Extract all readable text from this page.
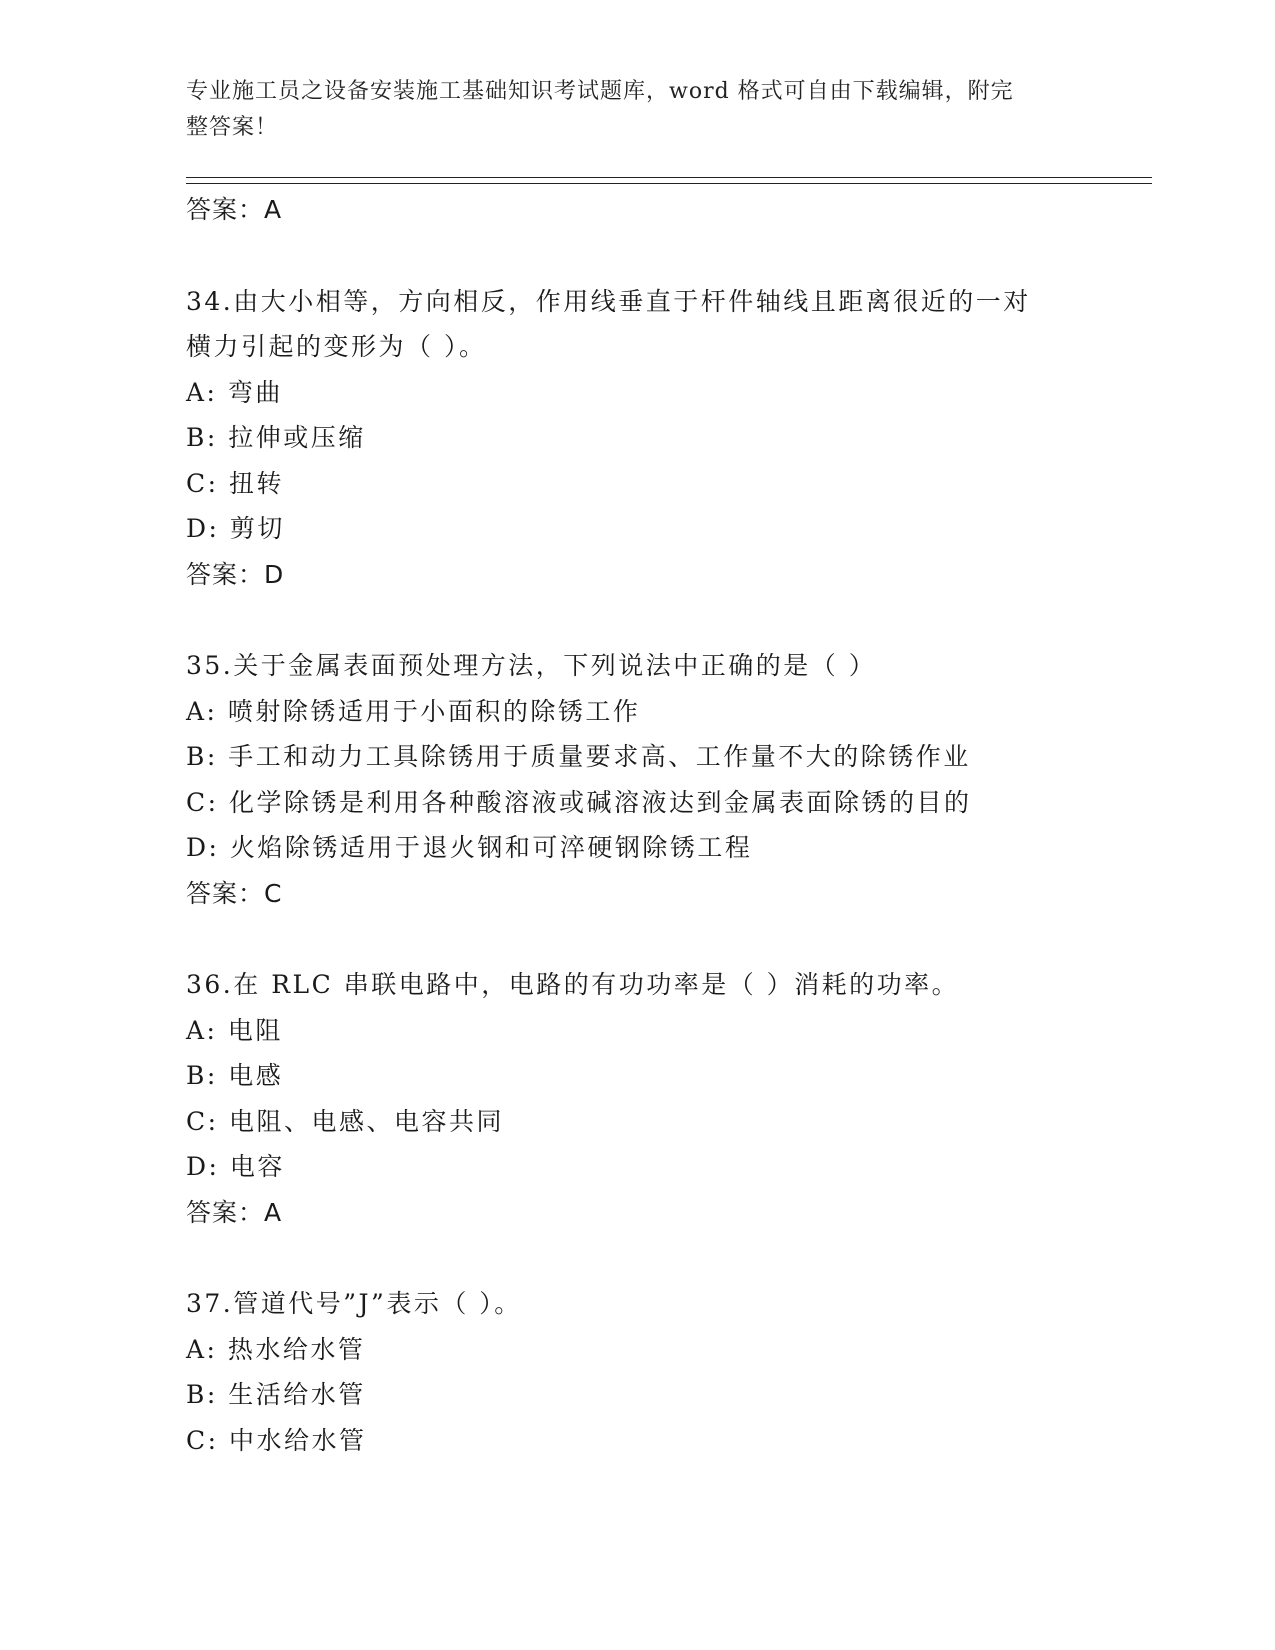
专业施工员之设备安装施工基础知识考试题库，word 格式可自由下载编辑，附完
整答案！
答案：A
34.由大小相等，方向相反，作用线垂直于杆件轴线且距离很近的一对
横力引起的变形为（ ）。
A: 弯曲
B: 拉伸或压缩
C: 扭转
D: 剪切
答案：D
35.关于金属表面预处理方法，下列说法中正确的是（ ）
A: 喷射除锈适用于小面积的除锈工作
B: 手工和动力工具除锈用于质量要求高、工作量不大的除锈作业
C: 化学除锈是利用各种酸溶液或碱溶液达到金属表面除锈的目的
D: 火焰除锈适用于退火钢和可淬硬钢除锈工程
答案：C
36.在 RLC 串联电路中，电路的有功功率是（ ）消耗的功率。
A: 电阻
B: 电感
C: 电阻、电感、电容共同
D: 电容
答案：A
37.管道代号”J”表示（ ）。
A: 热水给水管
B: 生活给水管
C: 中水给水管
